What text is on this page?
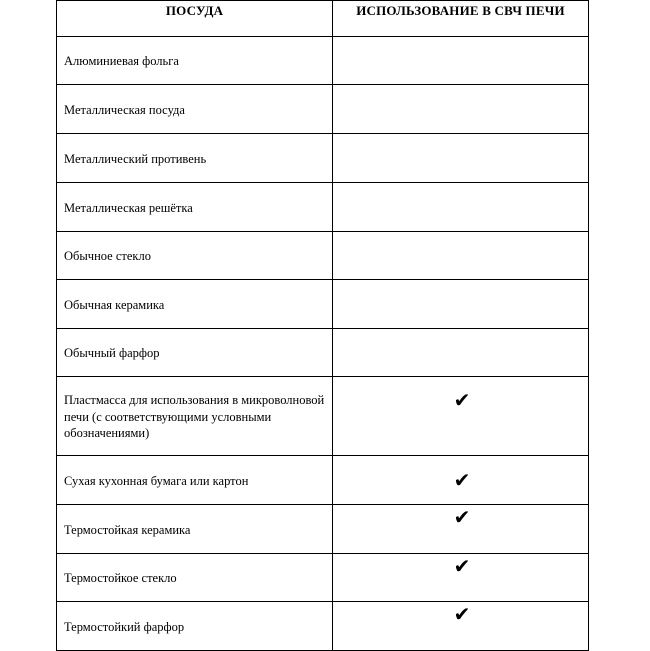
ПОСУДА	ИСПОЛЬЗОВАНИЕ В СВЧ ПЕЧИ
Алюминиевая фольга	
Металлическая посуда	
Металлический противень	
Металлическая решётка	
Обычное стекло	
Обычная керамика	
Обычный фарфор	
Пластмасса для использования в микроволновой печи (с соответствующими условными обозначениями)	✔
Сухая кухонная бумага или картон	✔
Термостойкая керамика	✔
Термостойкое стекло	✔
Термостойкий фарфор	✔
